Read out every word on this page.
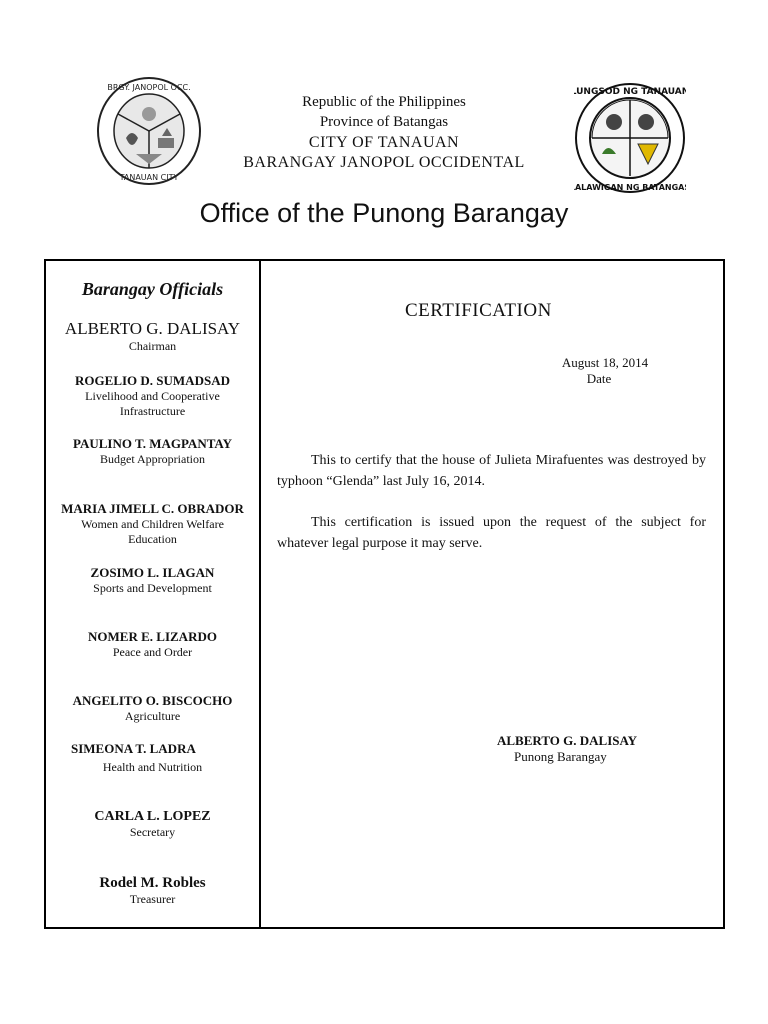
BRGY. JANOPOL OCC.
TANAUAN CITY
LUNGSOD NG TANAUAN
LALAWIGAN NG BATANGAS
Republic of the Philippines
Province of Batangas
CITY OF TANAUAN
BARANGAY JANOPOL OCCIDENTAL
Office of the Punong Barangay
Barangay Officials
ALBERTO G. DALISAY
Chairman
ROGELIO D. SUMADSAD
Livelihood and Cooperative
Infrastructure
PAULINO T. MAGPANTAY
Budget Appropriation
MARIA JIMELL C. OBRADOR
Women and Children Welfare
Education
ZOSIMO L. ILAGAN
Sports and Development
NOMER E. LIZARDO
Peace and Order
ANGELITO O. BISCOCHO
Agriculture
SIMEONA T. LADRA
Health and Nutrition
CARLA L. LOPEZ
Secretary
Rodel M. Robles
Treasurer
CERTIFICATION
August 18, 2014
Date
This to certify that the house of Julieta Mirafuentes was destroyed by typhoon “Glenda” last July 16, 2014.
This certification is issued upon the request of the subject for whatever legal purpose it may serve.
ALBERTO G. DALISAY
Punong Barangay
